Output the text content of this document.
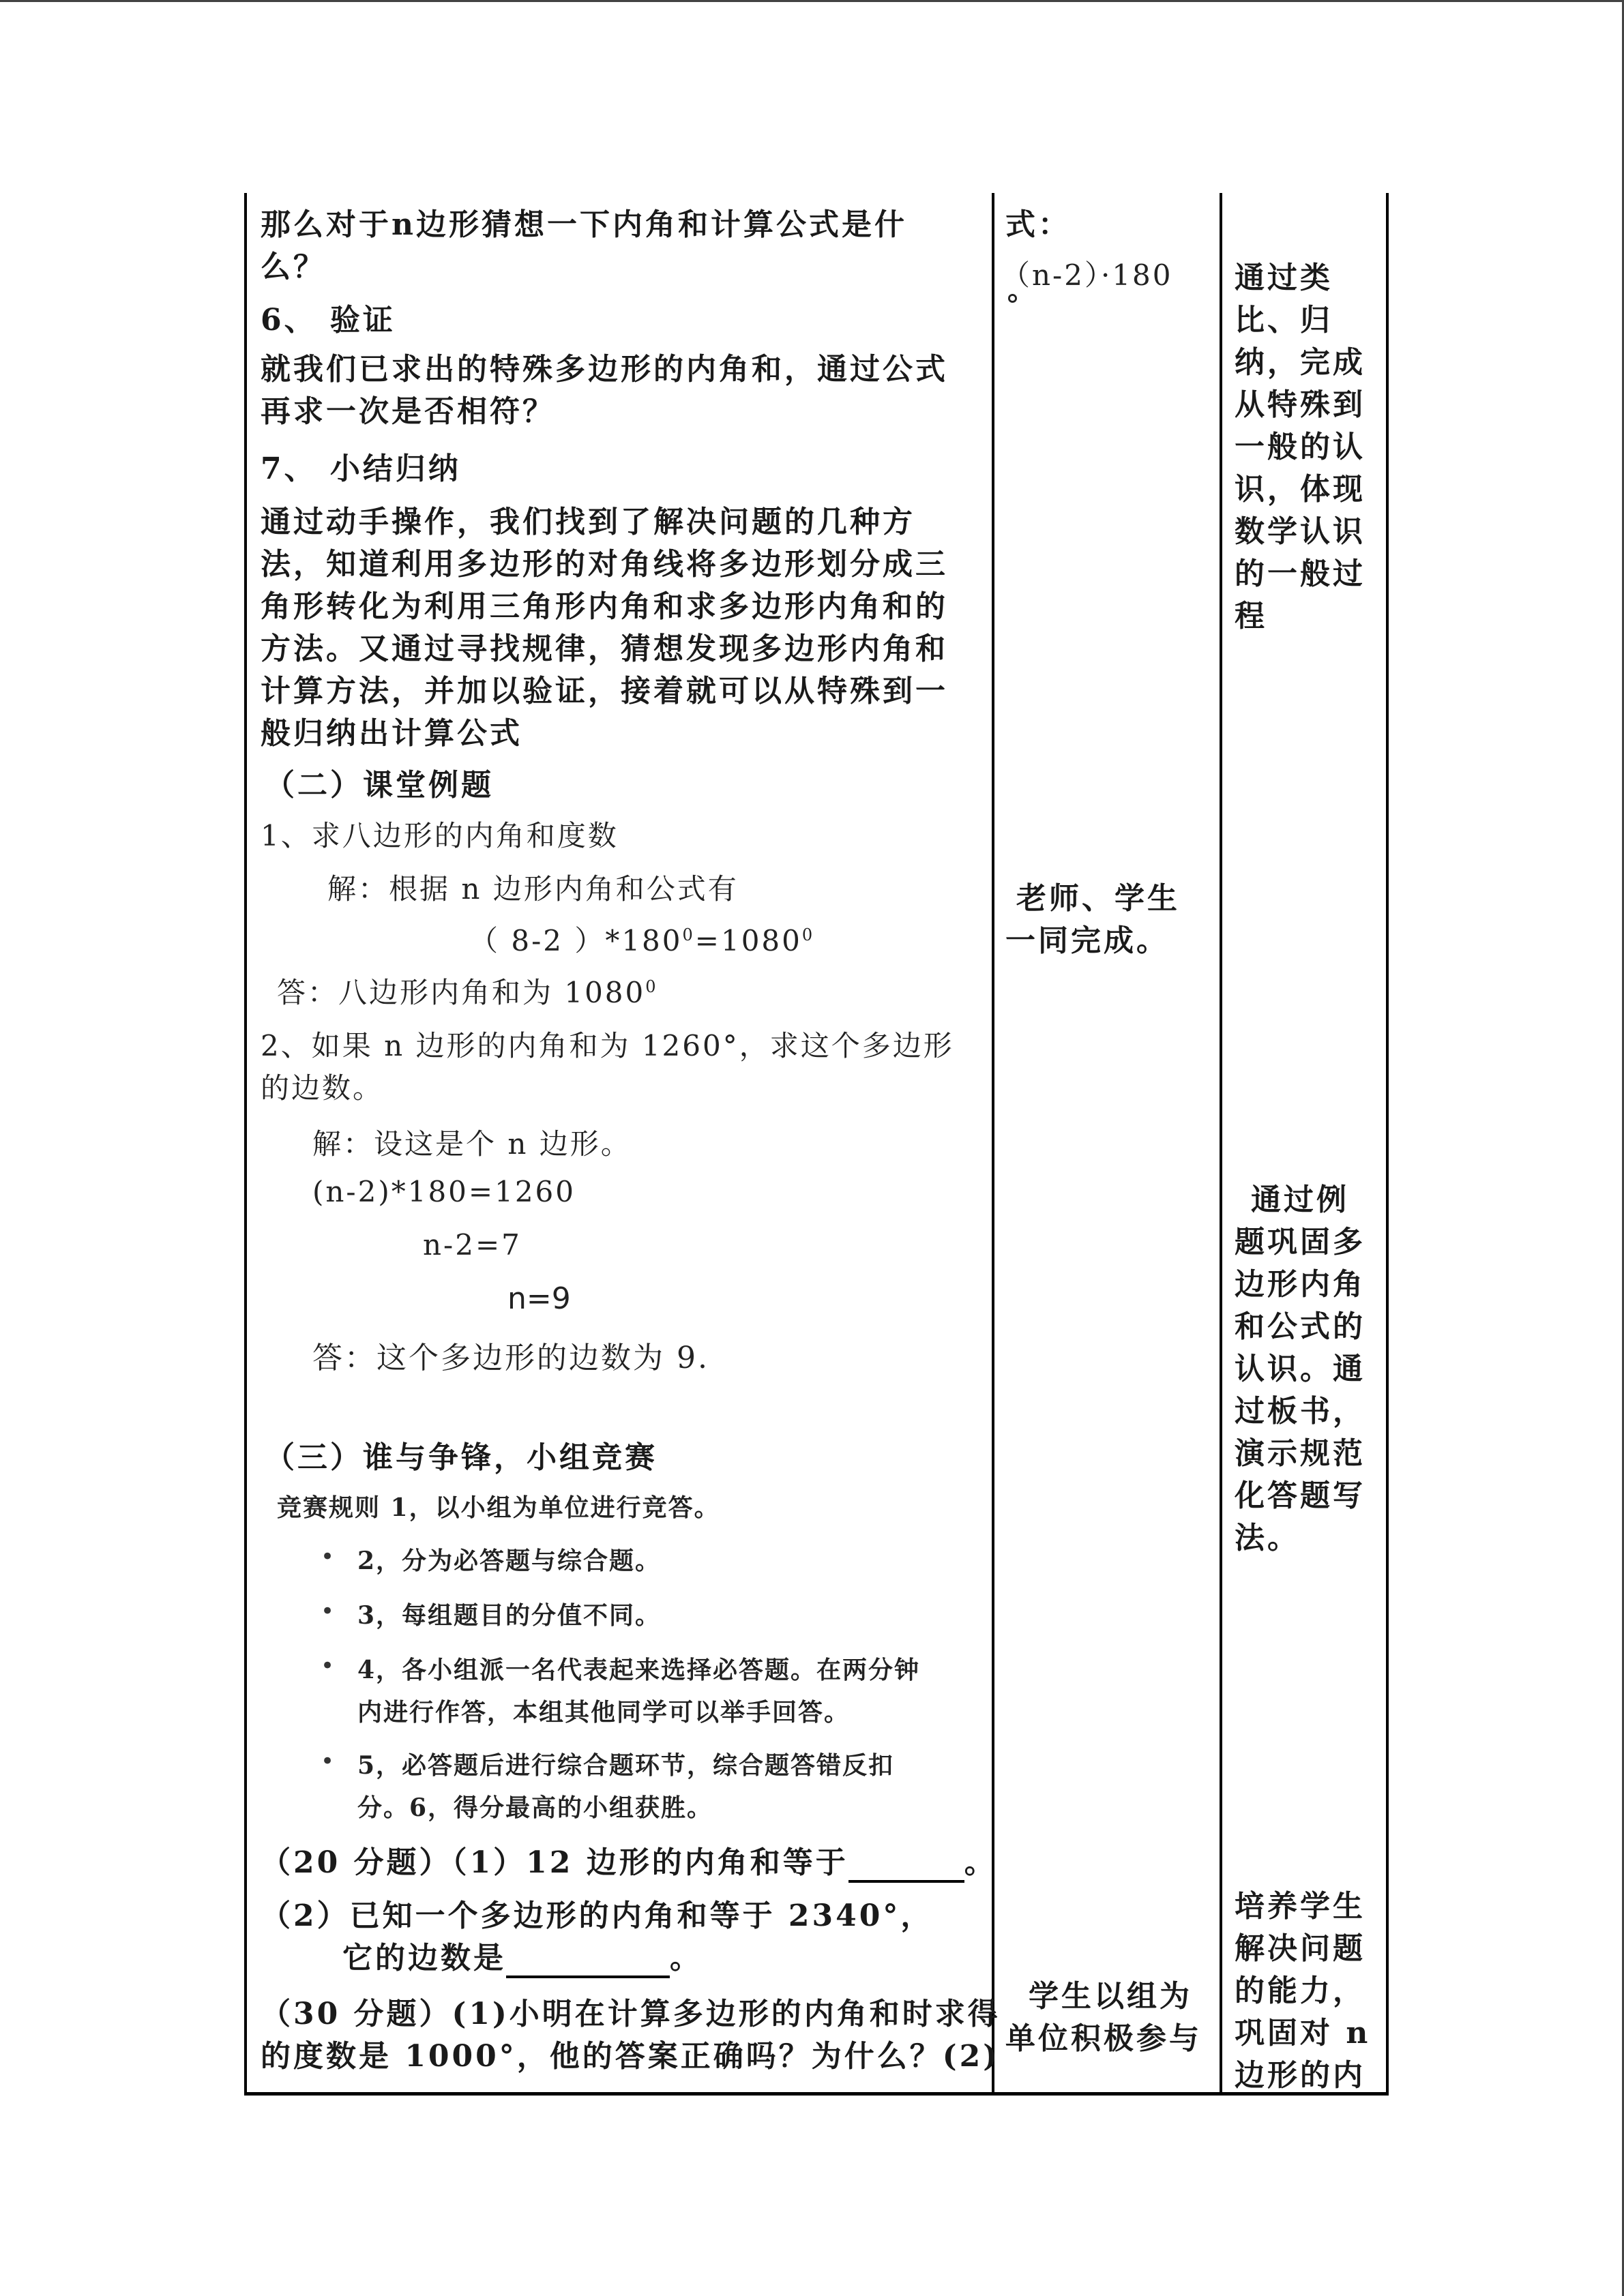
那么对于n边形猜想一下内角和计算公式是什
么？
6、 验证
就我们已求出的特殊多边形的内角和，通过公式
再求一次是否相符？
7、 小结归纳
通过动手操作，我们找到了解决问题的几种方
法，知道利用多边形的对角线将多边形划分成三
角形转化为利用三角形内角和求多边形内角和的
方法。又通过寻找规律，猜想发现多边形内角和
计算方法，并加以验证，接着就可以从特殊到一
般归纳出计算公式
（二）课堂例题
1、求八边形的内角和度数
解：根据 n 边形内角和公式有
（ 8-2 ）$*180^0=1080^0$
答：八边形内角和为 1080$^0$
2、如果 n 边形的内角和为 1260°，求这个多边形
的边数。
解：设这是个 n 边形。
(n-2)*180=1260
n-2=7
n=9
答：这个多边形的边数为 9.
（三）谁与争锋，小组竞赛
竞赛规则 1，以小组为单位进行竞答。
• 2，分为必答题与综合题。
• 3，每组题目的分值不同。
• 4，各小组派一名代表起来选择必答题。在两分钟
内进行作答，本组其他同学可以举手回答。
• 5，必答题后进行综合题环节，综合题答错反扣
分。6，得分最高的小组获胜。
（20 分题）（1）12 边形的内角和等于	。
（2）已知一个多边形的内角和等于 2340°，
它的边数是	。
（30 分题）(1)小明在计算多边形的内角和时求得
的度数是 1000°，他的答案正确吗？为什么？(2)
式：
（n-2）·180
°
老师、学生
一同完成。
学生以组为
单位积极参与
通过类
比、归
纳，完成
从特殊到
一般的认
识，体现
数学认识
的一般过
程
通过例
题巩固多
边形内角
和公式的
认识。通
过板书，
演示规范
化答题写
法。
培养学生
解决问题
的能力，
巩固对 n
边形的内
